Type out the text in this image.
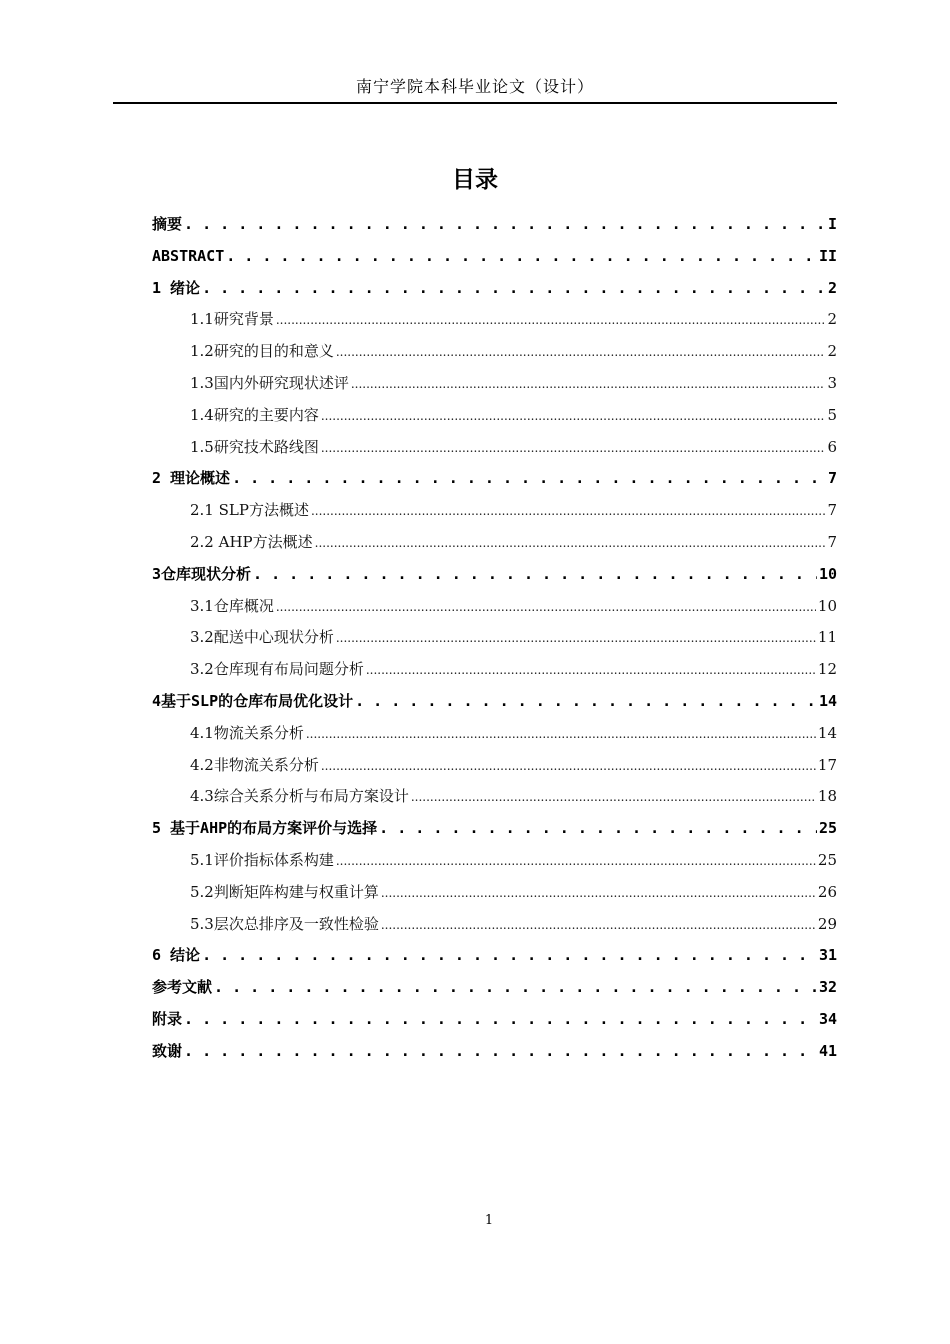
南宁学院本科毕业论文（设计）
目录
摘要 . . .	I
ABSTRACT . . .	II
1 绪论 . . .	2
1.1研究背景 .....	2
1.2研究的目的和意义 .....	2
1.3国内外研究现状述评 .....	3
1.4研究的主要内容 .....	5
1.5研究技术路线图 .....	6
2 理论概述 . . .	7
2.1 SLP方法概述 .....	7
2.2 AHP方法概述 .....	7
3仓库现状分析 . . .	10
3.1仓库概况 .....	10
3.2配送中心现状分析 .....	11
3.2仓库现有布局问题分析 .....	12
4基于SLP的仓库布局优化设计 . . .	14
4.1物流关系分析 .....	14
4.2非物流关系分析 .....	17
4.3综合关系分析与布局方案设计 .....	18
5 基于AHP的布局方案评价与选择 . . .	25
5.1评价指标体系构建 .....	25
5.2判断矩阵构建与权重计算 .....	26
5.3层次总排序及一致性检验 .....	29
6 结论 . . .	31
参考文献 . . .	32
附录 . . .	34
致谢 . . .	41
1
